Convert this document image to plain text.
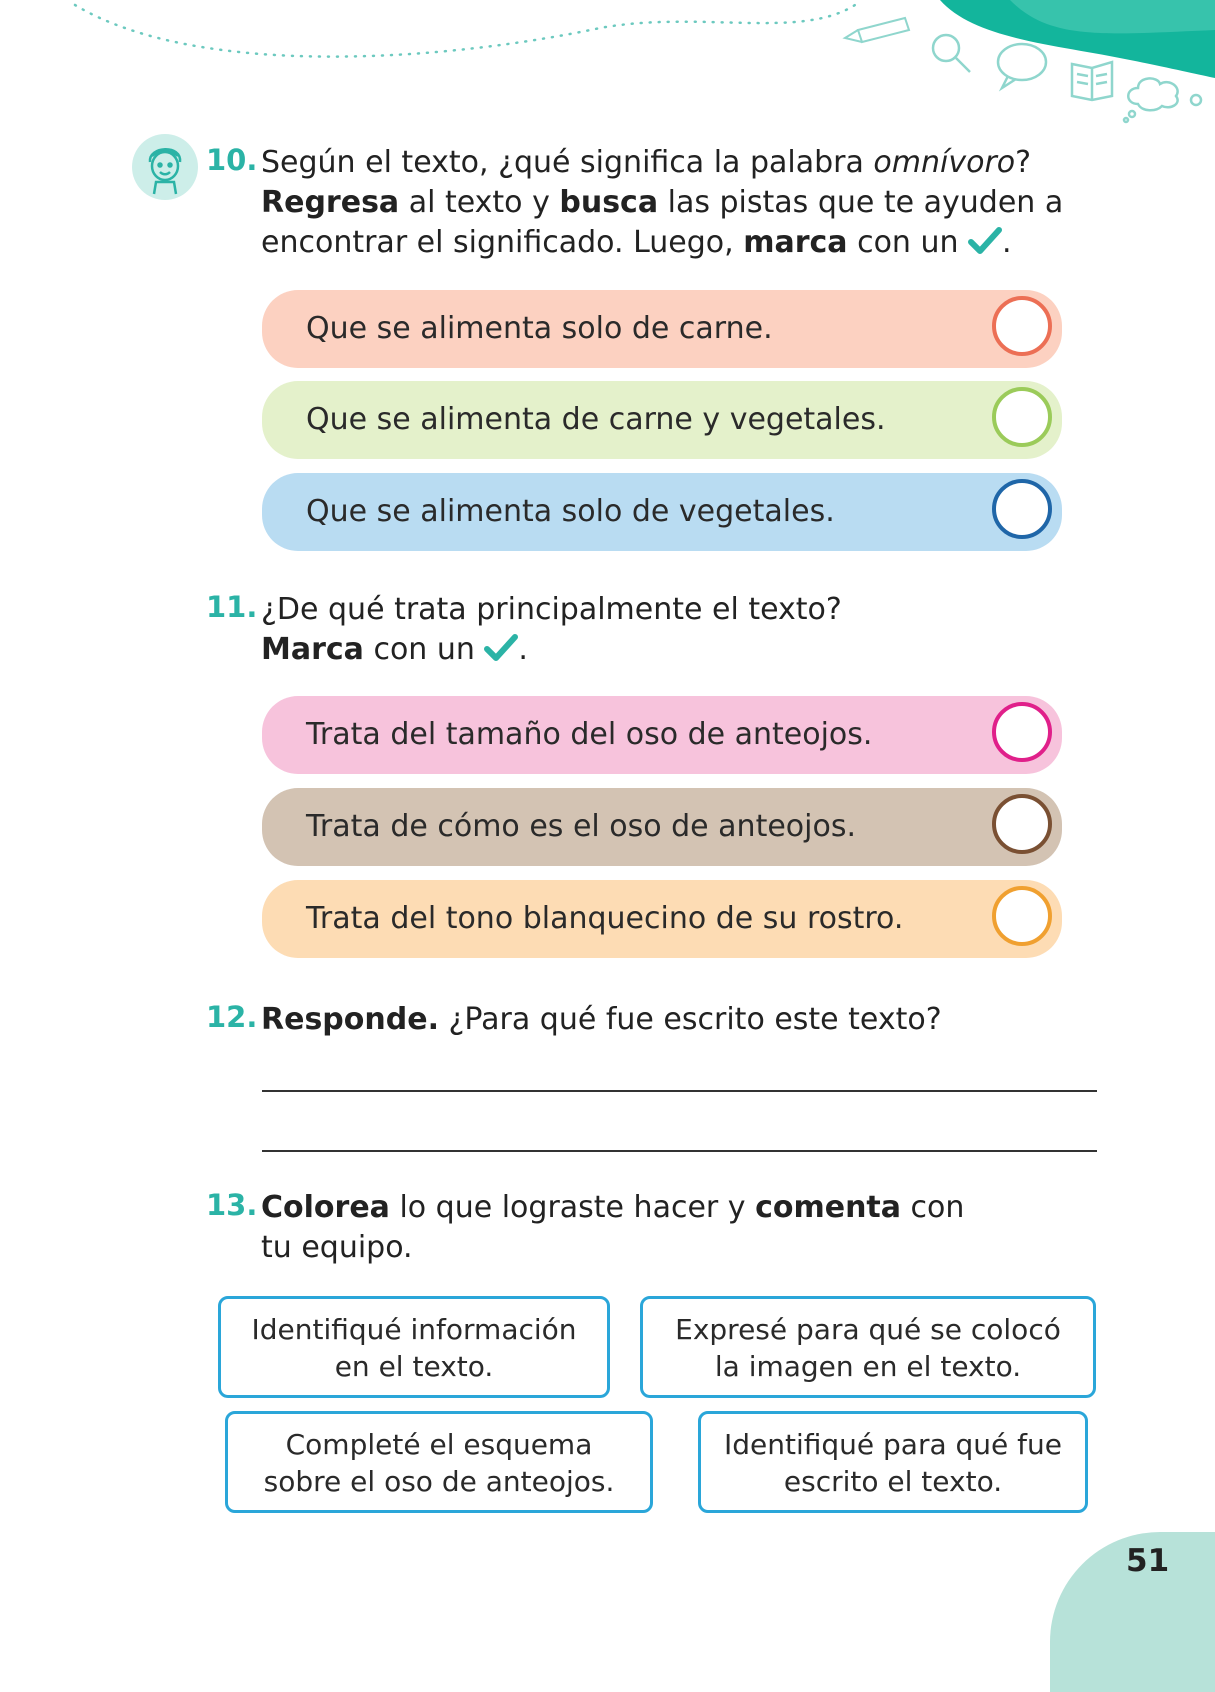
10. Según el texto, ¿qué significa la palabra omnívoro?
Regresa al texto y busca las pistas que te ayuden a
encontrar el significado. Luego, marca con un .
Que se alimenta solo de carne.
Que se alimenta de carne y vegetales.
Que se alimenta solo de vegetales.
11. ¿De qué trata principalmente el texto?
Marca con un .
Trata del tamaño del oso de anteojos.
Trata de cómo es el oso de anteojos.
Trata del tono blanquecino de su rostro.
12. Responde. ¿Para qué fue escrito este texto?
13. Colorea lo que lograste hacer y comenta con
tu equipo.
Identifiqué información
en el texto.
Expresé para qué se colocó
la imagen en el texto.
Completé el esquema
sobre el oso de anteojos.
Identifiqué para qué fue
escrito el texto.
51
